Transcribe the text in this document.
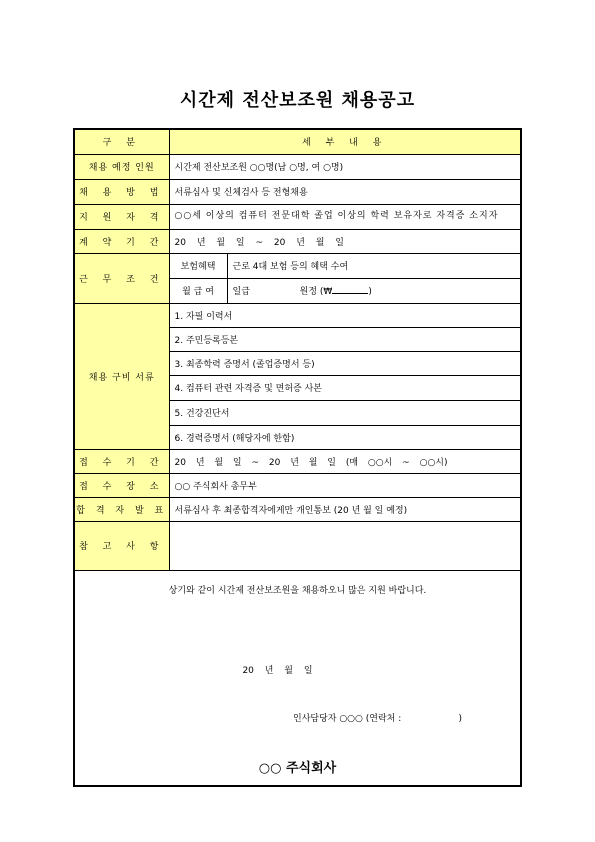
시간제 전산보조원 채용공고
구 분	세 부 내 용	
채용 예정 인원	시간제 전산보조원 ○○명(남 ○명, 여 ○명)	
채 용 방 법	서류심사 및 신체검사 등 전형채용	
지 원 자 격	○○세 이상의 컴퓨터 전문대학 졸업 이상의 학력 보유자로 자격증 소지자	
계 약 기 간	20 년 월 일 ~ 20 년 월 일	
근 무 조 건	보험혜택	근로 4대 보험 등의 혜택 수여
	월 급 여	일급 원정 (₩ )
채용 구비 서류	1. 자필 이력서	
	2. 주민등록등본	
	3. 최종학력 증명서 (졸업증명서 등)	
	4. 컴퓨터 관련 자격증 및 면허증 사본	
	5. 건강진단서	
	6. 경력증명서 (해당자에 한함)	
접 수 기 간	20 년 월 일 ~ 20 년 월 일 (매 ○○시 ~ ○○시)	
접 수 장 소	○○ 주식회사 총무부	
합 격 자 발 표	서류심사 후 최종합격자에게만 개인통보 (20 년 월 일 예정)	
참 고 사 항		

상기와 같이 시간제 전산보조원을 채용하오니 많은 지원 바랍니다.
20 년 월 일
인사담당자 ○○○ (연락처 :                    )
○○ 주식회사		
